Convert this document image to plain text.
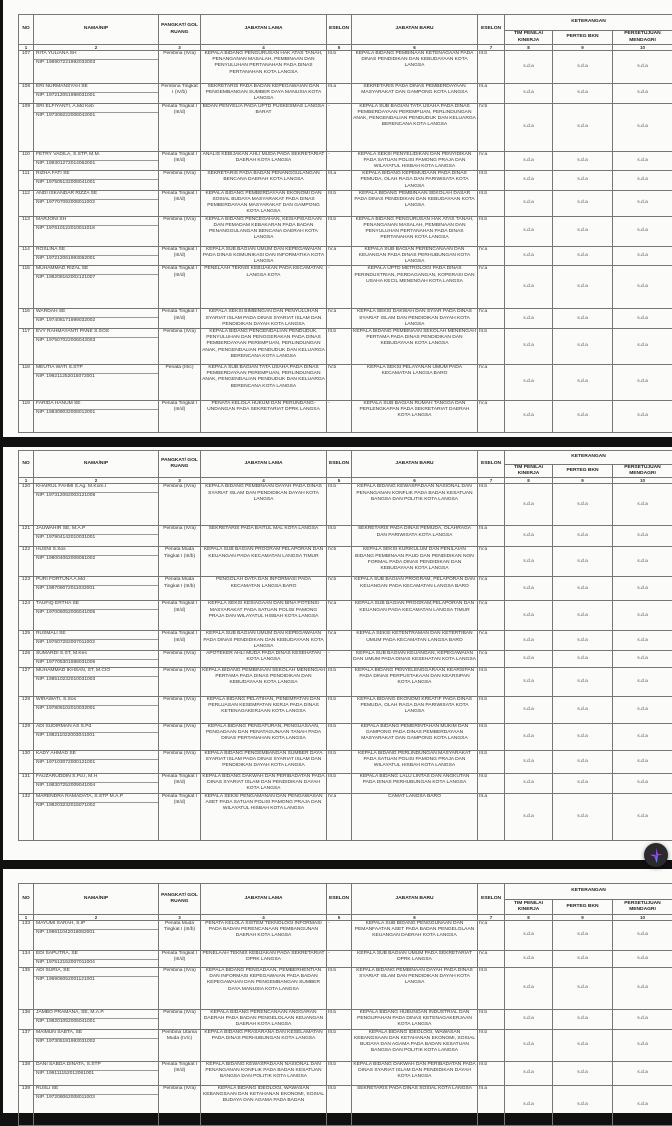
NO	NAMA/NIP	PANGKAT/ GOL RUANG	JABATAN LAMA	ESELON	JABATAN BARU	ESELON	KETERANGAN		
							TIM PENILAI KINERJA	PERTEG BKN	PERSETUJUAN MENDAGRI
1	2	3	4	5	6	7	8	9	10
107	RITA YULIANA SH
NIP. 196907221992032003	Pembina (IV/a)	KEPALA BIDANG PENGURUSAN HAK ATAS TANAH, PENANGANAN MASALAH, PEMBINAAN DAN PENYULUHAN PERTANAHAN PADA DINAS PERTANAHAN KOTA LANGSA	III.b	KEPALA BIDANG PEMBINAAN KETENAGAAN PADA DINAS PENDIDIKAN DAN KEBUDAYAAN KOTA LANGSA	III.b	s.d.a	s.d.a	s.d.a
108	ERI NURMANSYAH SE
NIP. 197212051998031001	Pembina Tingkat I (IV/b)	SEKRETARIS PADA BADAN KEPEGAWAIAN DAN PENGEMBANGAN SUMBER DAYA MANUSIA KOTA LANGSA	III.a	SEKRETARIS PADA DINAS PEMBERDAYAAN MASYARAKAT DAN GAMPONG KOTA LANGSA	III.a	s.d.a	s.d.a	s.d.a
109	SRI ELFIYANTI, A.Md Keb
NIP. 197309222006042001	Penata Tingkat I (III/d)	BIDAN PENYELIA PADA UPTD PUSKESMAS LANGSA BARAT	-	KEPALA SUB BAGIAN TATA USAHA PADA DINAS PEMBERDAYAAN PEREMPUAN, PERLINDUNGAN ANAK, PENGENDALIAN PENDUDUK DAN KELUARGA BERENCANA KOTA LANGSA	IV.b	s.d.a	s.d.a	s.d.a
110	FETRY VADILA, S.STP, M.M.
NIP. 199301272014062001	Penata Tingkat I (III/d)	ANALIS KEBIJAKAN AHLI MUDA PADA SEKRETARIAT DAERAH KOTA LANGSA	-	KEPALA SEKSI PENYELIDIKAN DAN PENYIDIKAN PADA SATUAN POLISI PAMONG PRAJA DAN WILAYATUL HISBAH KOTA LANGSA	IV.a	s.d.a	s.d.a	s.d.a
111	RIZHA FATI SE
NIP. 197505132008041001	Pembina (IV/a)	SEKRETARIS PADA BADAN PENANGGULANGAN BENCANA DAERAH KOTA LANGSA	III.a	KEPALA BIDANG KEPEMUDAAN PADA DINAS PEMUDA, OLAH RAGA DAN PARIWISATA KOTA LANGSA	III.b	s.d.a	s.d.a	s.d.a
112	ANDI ISKANDAR RIZZA SE
NIP. 197707092008011003	Penata Tingkat I (III/d)	KEPALA BIDANG PEMBERDAYAAN EKONOMI DAN SOSIAL BUDAYA MASYARAKAT PADA DINAS PEMBERDAYAAN MASYARAKAT DAN GAMPONG KOTA LANGSA	III.b	KEPALA BIDANG PEMBINAAN SEKOLAH DASAR PADA DINAS PENDIDIKAN DAN KEBUDAYAAN KOTA LANGSA	III.b	s.d.a	s.d.a	s.d.a
113	MARJONI SH
NIP. 197610122010011018	Pembina (IV/a)	KEPALA BIDANG PENCEGAHAN, KESIAPSIAGAAN DAN PEMADAM KEBAKARAN PADA BADAN PENANGGULANGAN BENCANA DAERAH KOTA LANGSA	III.b	KEPALA BIDANG PENGURUSAN HAK ATAS TANAH, PENANGANAN MASALAH, PEMBINAAN DAN PENYULUHAN PERTANAHAN PADA DINAS PERTANAHAN KOTA LANGSA	III.b	s.d.a	s.d.a	s.d.a
114	ROSLINA SE
NIP. 197212061993062001	Penata Tingkat I (III/d)	KEPALA SUB BAGIAN UMUM DAN KEPEGAWAIAN PADA DINAS KOMUNIKASI DAN INFORMATIKA KOTA LANGSA	IV.a	KEPALA SUB BAGIAN PERENCANAAN DAN KEUANGAN PADA DINAS PERHUBUNGAN KOTA LANGSA	IV.a	s.d.a	s.d.a	s.d.a
115	MUHAMMAD RIZAL SE
NIP. 198208162002121007	Penata Tingkat I (III/d)	PENELAAH TEKNIS KEBIJAKAN PADA KECAMATAN LANGSA KOTA	-	KEPALA UPTD METROLOGI PADA DINAS PERINDUSTRIAN, PERDAGANGAN, KOPERASI DAN USAHA KECIL MENENGAH KOTA LANGSA	IV.a	s.d.a	s.d.a	s.d.a
116	WARDAH SE
NIP. 197408171999032002	Penata Tingkat I (III/d)	KEPALA SEKSI BIMBINGAN DAN PENYULUHAN SYARIAT ISLAM PADA DINAS SYARIAT ISLAM DAN PENDIDIKAN DAYAH KOTA LANGSA	IV.a	KEPALA SEKSI DAKWAH DAN SYIAR PADA DINAS SYARIAT ISLAM DAN PENDIDIKAN DAYAH KOTA LANGSA	IV.a	s.d.a	s.d.a	s.d.a
117	EVY RAHMAYANTI PANE S.SOS
NIP. 197507022006042003	Pembina (IV/a)	KEPALA BIDANG PENGENDALIAN PENDUDUK, PENYULUHAN DAN PENGGERAKAN PADA DINAS PEMBERDAYAAN PEREMPUAN, PERLINDUNGAN ANAK, PENGENDALIAN PENDUDUK DAN KELUARGA BERENCANA KOTA LANGSA	III.b	KEPALA BIDANG PEMBINAAN SEKOLAH MENENGAH PERTAMA PADA DINAS PENDIDIKAN DAN KEBUDAYAAN KOTA LANGSA	III.b	s.d.a	s.d.a	s.d.a
118	MEUTIA WATI S.STP
NIP. 199211252015072001	Penata (III/c)	KEPALA SUB BAGIAN TATA USAHA PADA DINAS PEMBERDAYAAN PEREMPUAN, PERLINDUNGAN ANAK, PENGENDALIAN PENDUDUK DAN KELUARGA BERENCANA KOTA LANGSA	IV.b	KEPALA SEKSI PELAYANAN UMUM PADA KECAMATAN LANGSA BARO	IV.a	s.d.a	s.d.a	s.d.a
119	FARIDA HANUM SE
NIP. 198309032008012001	Penata Tingkat I (III/d)	PENATA KELOLA HUKUM DAN PERUNDANG-UNDANGAN PADA SEKRETARIAT DPRK LANGSA	-	KEPALA SUB BAGIAN RUMAH TANGGA DAN PERLENGKAPAN PADA SEKRETARIAT DAERAH KOTA LANGSA	IV.a	s.d.a	s.d.a	s.d.a
NO	NAMA/NIP	PANGKAT/ GOL RUANG	JABATAN LAMA	ESELON	JABATAN BARU	ESELON	KETERANGAN		
							TIM PENILAI KINERJA	PERTEG BKN	PERSETUJUAN MENDAGRI
1	2	3	4	5	6	7	8	9	10
120	KHAIRUL FAHMI S.Ag. M.Kom.I
NIP. 197312082003121008	Pembina (IV/a)	KEPALA BIDANG PEMBINAAN DAYAH PADA DINAS SYARIAT ISLAM DAN PENDIDIKAN DAYAH KOTA LANGSA	III.b	KEPALA BIDANG KEWASPADAAN NASIONAL DAN PENANGANAN KONFLIK PADA BADAN KESATUAN BANGSA DAN POLITIK KOTA LANGSA	III.b	s.d.a	s.d.a	s.d.a
121	JAUWAHIR SE, M.A.P
NIP. 197904142010031001	Pembina (IV/a)	SEKRETARIS PADA BAITUL MAL KOTA LANGSA	III.b	SEKRETARIS PADA DINAS PEMUDA, OLAHRAGA DAN PARIWISATA KOTA LANGSA	III.a	s.d.a	s.d.a	s.d.a
122	HUSNI S.Sos
NIP. 198004062009061002	Penata Muda Tingkat I (III/b)	KEPALA SUB BAGIAN PROGRAM PELAPORAN DAN KEUANGAN PADA KECAMATAN LANGSA TIMUR	IV.b	KEPALA SEKSI KURIKULUM DAN PENILAIAN BIDANG PEMBINAAN PAUD DAN PENDIDIKAN NON FORMAL PADA DINAS PENDIDIKAN DAN KEBUDAYAAN KOTA LANGSA	IV.a	s.d.a	s.d.a	s.d.a
123	PURI FORTUNA A.Md
NIP. 198709072011032001	Penata Muda Tingkat I (III/b)	PENGOLAH DATA DAN INFORMASI PADA KECAMATAN LANGSA BARO	IV.b	KEPALA SUB BAGIAN PROGRAM, PELAPORAN DAN KEUANGAN PADA KECAMATAN LANGSA BARO	IV.a	s.d.a	s.d.a	s.d.a
124	TAUFIQ ERTHA SE
NIP. 197006052006041005	Penata Tingkat I (III/d)	KEPALA SEKSI KESIAGAAN DAN BINA POTENSI MASYARAKAT PADA SATUAN POLISI PAMONG PRAJA DAN WILAYATUL HISBAH KOTA LANGSA	IV.a	KEPALA SUB BAGIAN PROGRAM,PELAPORAN DAN KEUANGAN PADA KECAMATAN LANGSA TIMUR	IV.a	s.d.a	s.d.a	s.d.a
125	RUSMALI SE
NIP. 197607282007011003	Penata Tingkat I (III/d)	KEPALA SUB BAGIAN UMUM DAN KEPEGAWAIAN PADA DINAS PENDIDIKAN DAN KEBUDAYAAN KOTA LANGSA	IV.a	KEPALA SEKSI KETENTRAMAN DAN KETERTIBAN UMUM PADA KECAMATAN LANGSA BARO	IV.a	s.d.a	s.d.a	s.d.a
126	SUMARDI S.ST, M.Kes
NIP. 197705301998031005	Pembina (IV/a)	APOTEKER AHLI MUDA PADA DINAS KESEHATAN KOTA LANGSA	-	KEPALA SUB BAGIAN KEUANGAN, KEPEGAWAIAN DAN UMUM PADA DINAS KESEHATAN KOTA LANGSA	IV.a	s.d.a	s.d.a	s.d.a
127	MUHAMMAD IKHSAN, ST, M.CIO
NIP. 198510232010031003	Pembina (IV/a)	KEPALA BIDANG PEMBINAAN SEKOLAH MENENGAH PERTAMA PADA DINAS PENDIDIKAN DAN KEBUDAYAAN KOTA LANGSA	III.b	KEPALA BIDANG PENYELENGGARAAN KEARSIPAN PADA DINAS PERPUSTAKAAN DAN KEARSIPAN KOTA LANGSA	III.b	s.d.a	s.d.a	s.d.a
128	WIRAWATI, S.Sos
NIP. 197806102010032001	Pembina (IV/a)	KEPALA BIDANG PELATIHAN, PENEMPATAN DAN PERLUASAN KESEMPATAN KERJA PADA DINAS KETENAGAKERJAAN KOTA LANGSA	III.b	KEPALA BIDANG EKONOMI KREATIF PADA DINAS PEMUDA, OLAH RAGA DAN PARIWISATA KOTA LANGSA	III.b	s.d.a	s.d.a	s.d.a
129	ADI SUDIRMAN AS S.Pd
NIP. 198211022003041001	Pembina (IV/a)	KEPALA BIDANG PENGATURAN, PENGUASAAN, PENGADAAN DAN PENATAGUNAAN TANAH PADA DINAS PERTANAHAN KOTA LANGSA	III.b	KEPALA BIDANG PEMERINTAHAN MUKIM DAN GAMPONG PADA DINAS PEMBERDAYAAN MASYARAKAT DAN GAMPONG KOTA LANGSA	III.b	s.d.a	s.d.a	s.d.a
130	KADY AHMAD SE
NIP. 197103072000121001	Pembina (IV/a)	KEPALA BIDANG PENGEMBANGAN SUMBER DAYA SYARIAT ISLAM PADA DINAS SYARIAT ISLAM DAN PENDIDIKAN DAYAH KOTA LANGSA	III.b	KEPALA BIDANG PERLINDUNGAN MASYARAKAT PADA SATUAN POLISI PAMONG PRAJA DAN WILAYATUL HISBAH KOTA LANGSA	III.b	s.d.a	s.d.a	s.d.a
131	FAUZARUDDIN S.Pd.I, M.H
NIP. 198307252009041004	Penata Tingkat I (III/d)	KEPALA BIDANG DAKWAH DAN PERIBADATAN PADA DINAS SYARIAT ISLAM DAN PENDIDIKAN DAYAH KOTA LANGSA	III.b	KEPALA BIDANG LALU LINTAS DAN ANGKUTAN PADA DINAS PERHUBUNGAN KOTA LANGSA	III.b	s.d.a	s.d.a	s.d.a
132	MARENDRA RAMADATA, S.STP M.A.P
NIP. 198203232015071002	Penata Tingkat I (III/d)	KEPALA SEKSI PENGAMANAN DAN PENGAWASAN ASET PADA SATUAN POLISI PAMONG PRAJA DAN WILAYATUL HISBAH KOTA LANGSA	IV.a	CAMAT LANGSA BARO	III.a	s.d.a	s.d.a	s.d.a
NO	NAMA/NIP	PANGKAT/ GOL RUANG	JABATAN LAMA	ESELON	JABATAN BARU	ESELON	KETERANGAN		
							TIM PENILAI KINERJA	PERTEG BKN	PERSETUJUAN MENDAGRI
1	2	3	4	5	6	7	8	9	10
133	MAYUMI SARAH, S.IP
NIP. 199611042018082001	Penata Muda Tingkat I (III/b)	PENATA KELOLA SISTEM TEKNOLOGI INFORMASI PADA BADAN PERENCANAAN PEMBANGUNAN DAERAH KOTA LANGSA	-	KEPALA SUB BIDANG PENGGUNAAN DAN PEMANFAATAN ASET PADA BADAN PENGELOLAAN KEUANGAN DAERAH KOTA LANGSA	IV.a	s.d.a	s.d.a	s.d.a
134	EDI SAPUTRA, SE
NIP. 197512152007011004	Penata Tingkat I (III/d)	PENELAAH TEKNIS KEBIJAKAN PADA SEKRETARIAT DPRK LANGSA	-	KEPALA SUB BAGIAN UMUM PADA SEKRETARIAT DPRK LANGSA	IV.a	s.d.a	s.d.a	s.d.a
135	ADI SURIA, SE
NIP. 196906052001121001	Pembina (IV/a)	KEPALA BIDANG PENGADAAN, PEMBERHENTIAN DAN INFORMASI KEPEGAWAIAN PADA BADAN KEPEGAWAIAN DAN PENGEMBANGAN SUMBER DAYA MANUSIA KOTA LANGSA	III.b	KEPALA BIDANG PEMBINAAN DAYAH PADA DINAS SYARIAT ISLAM DAN PENDIDIKAN DAYAH KOTA LANGSA	III.b	s.d.a	s.d.a	s.d.a
136	JAMBO PRAMANA, SE, M.A.P.
NIP. 198201052005041001	Pembina (IV/a)	KEPALA BIDANG PERENCANAAN ANGGARAN DAERAH PADA BADAN PENGELOLAAN KEUANGAN DAERAH KOTA LANGSA	III.b	KEPALA BIDANG HUBUNGAN INDUSTRIAL DAN PENGUPAHAN PADA DINAS KETENAGAKERJAAN KOTA LANGSA	III.b	s.d.a	s.d.a	s.d.a
137	MAIMUN SABTA, SE
NIP. 197305191993031002	Pembina Utama Muda (IV/c)	KEPALA BIDANG PRASARANA DAN KESELAMATAN PADA DINAS PERHUBUNGAN KOTA LANGSA	III.b	KEPALA BIDANG IDEOLOGI, WAWASAN KEBANGSAAN DAN KETAHANAN EKONOMI, SOSIAL BUDAYA DAN AGAMA PADA BADAN KESATUAN BANGSA DAN POLITIK KOTA LANGSA	III.b	s.d.a	s.d.a	s.d.a
138	DANI SABDA DINATA, S.STP
NIP. 199111152012061001	Penata Tingkat I (III/d)	KEPALA BIDANG KEWASPADAAN NASIONAL DAN PENANGANAN KONFLIK PADA BADAN KESATUAN BANGSA DAN POLITIK KOTA LANGSA	III.b	KEPALA BIDANG DAKWAH DAN PERIBADATAN PADA DINAS SYARIAT ISLAM DAN PENDIDIKAN DAYAH KOTA LANGSA	III.b	s.d.a	s.d.a	s.d.a
139	RUSLI SE
NIP. 197208062008011003	Pembina (IV/a)	KEPALA BIDANG IDEOLOGI, WAWASAN KEBANGSAAN DAN KETAHANAN EKONOMI, SOSIAL BUDAYA DAN AGAMA PADA BADAN	III.b	SEKRETARIS PADA DINAS SOSIAL KOTA LANGSA	III.a	s.d.a	s.d.a	s.d.a
